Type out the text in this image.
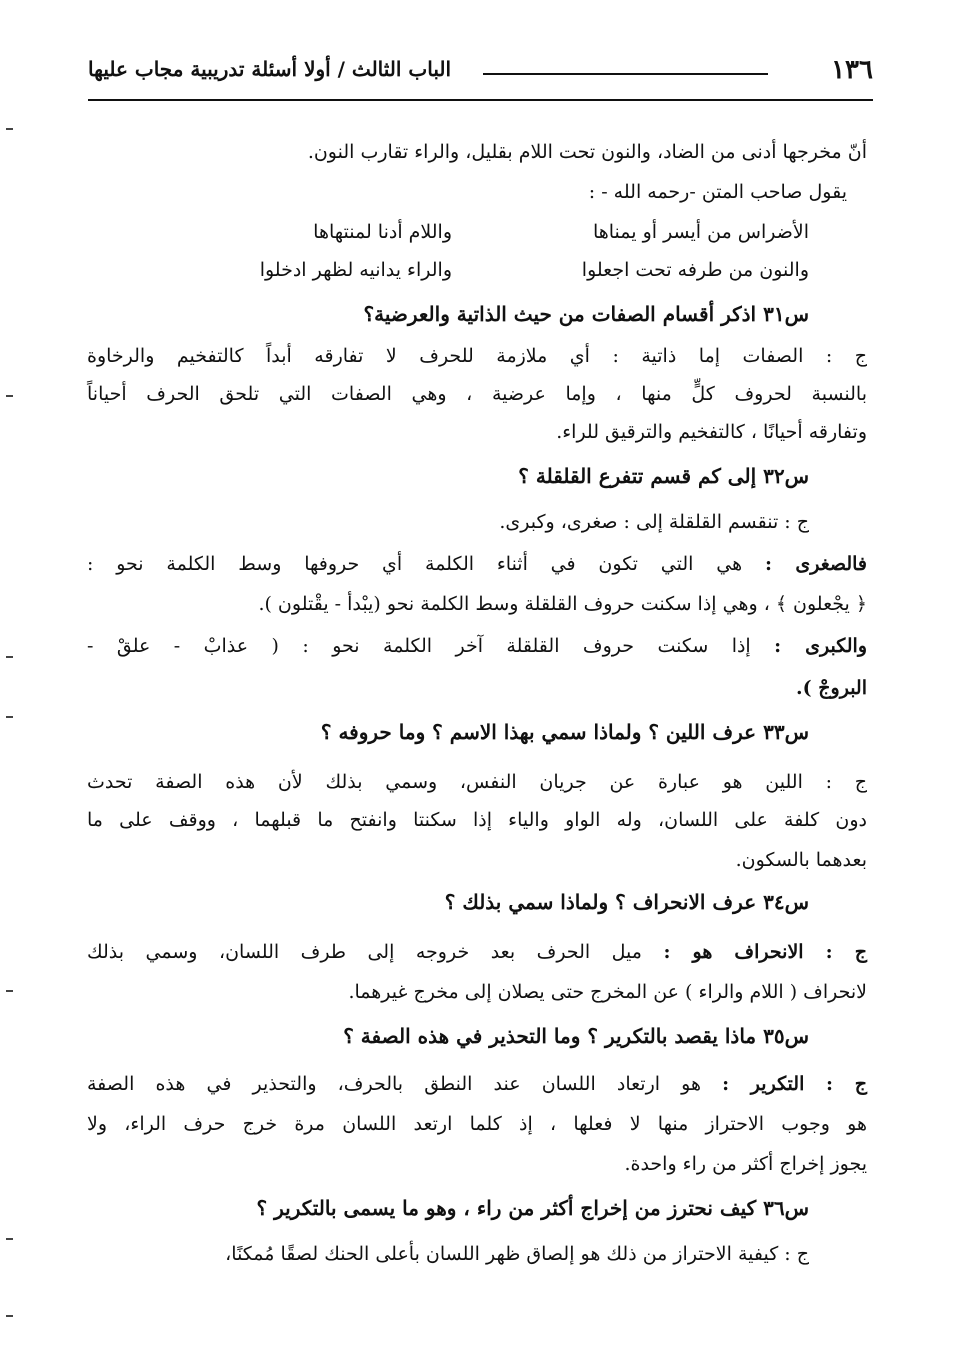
١٣٦
الباب الثالث / أولا أسئلة تدريبية مجاب عليها
أنّ مخرجها أدنى من الضاد، والنون تحت اللام بقليل، والراء تقارب النون.
يقول صاحب المتن -رحمه الله - :
الأضراس من أيسر أو يمناها
واللام أدنا لمنتهاها
والنون من طرفه تحت اجعلوا
والراء يدانيه لظهر ادخلوا
س٣١ اذكر أقسام الصفات من حيث الذاتية والعرضية؟
ج : الصفات إما ذاتية : أي ملازمة للحرف لا تفارقه أبداً كالتفخيم والرخاوة
بالنسبة لحروف كلٍّ منها ، وإما عرضية ، وهي الصفات التي تلحق الحرف أحياناً
وتفارقه أحيانًا ، كالتفخيم والترقيق للراء.
س٣٢ إلى كم قسم تتفرع القلقلة ؟
ج : تنقسم القلقلة إلى : صغرى، وكبرى.
فالصغرى : هي التي تكون في أثناء الكلمة أي حروفها وسط الكلمة نحو :
﴿ يجْعلون ﴾ ، وهي إذا سكنت حروف القلقلة وسط الكلمة نحو (يبْدأ - يقْتلون ).
والكبرى : إذا سكنت حروف القلقلة آخر الكلمة نحو : ( عذابْ - علقْ -
البروجْ ).
س٣٣ عرف اللين ؟ ولماذا سمي بهذا الاسم ؟ وما حروفه ؟
ج : اللين هو عبارة عن جريان النفس، وسمي بذلك لأن هذه الصفة تحدث
دون كلفة على اللسان، وله الواو والياء إذا سكنتا وانفتح ما قبلهما ، ووقف على ما
بعدهما بالسكون.
س٣٤ عرف الانحراف ؟ ولماذا سمي بذلك ؟
ج : الانحراف هو : ميل الحرف بعد خروجه إلى طرف اللسان، وسمي بذلك
لانحراف ( اللام والراء ) عن المخرج حتى يصلان إلى مخرج غيرهما.
س٣٥ ماذا يقصد بالتكرير ؟ وما التحذير في هذه الصفة ؟
ج : التكرير : هو ارتعاد اللسان عند النطق بالحرف، والتحذير في هذه الصفة
هو وجوب الاحتراز منها لا فعلها ، إذ كلما ارتعد اللسان مرة خرج حرف الراء، ولا
يجوز إخراج أكثر من راء واحدة.
س٣٦ كيف نحترز من إخراج أكثر من راء ، وهو ما يسمى بالتكرير ؟
ج : كيفية الاحتراز من ذلك هو إلصاق ظهر اللسان بأعلى الحنك لصقًا مُمكنًا،
